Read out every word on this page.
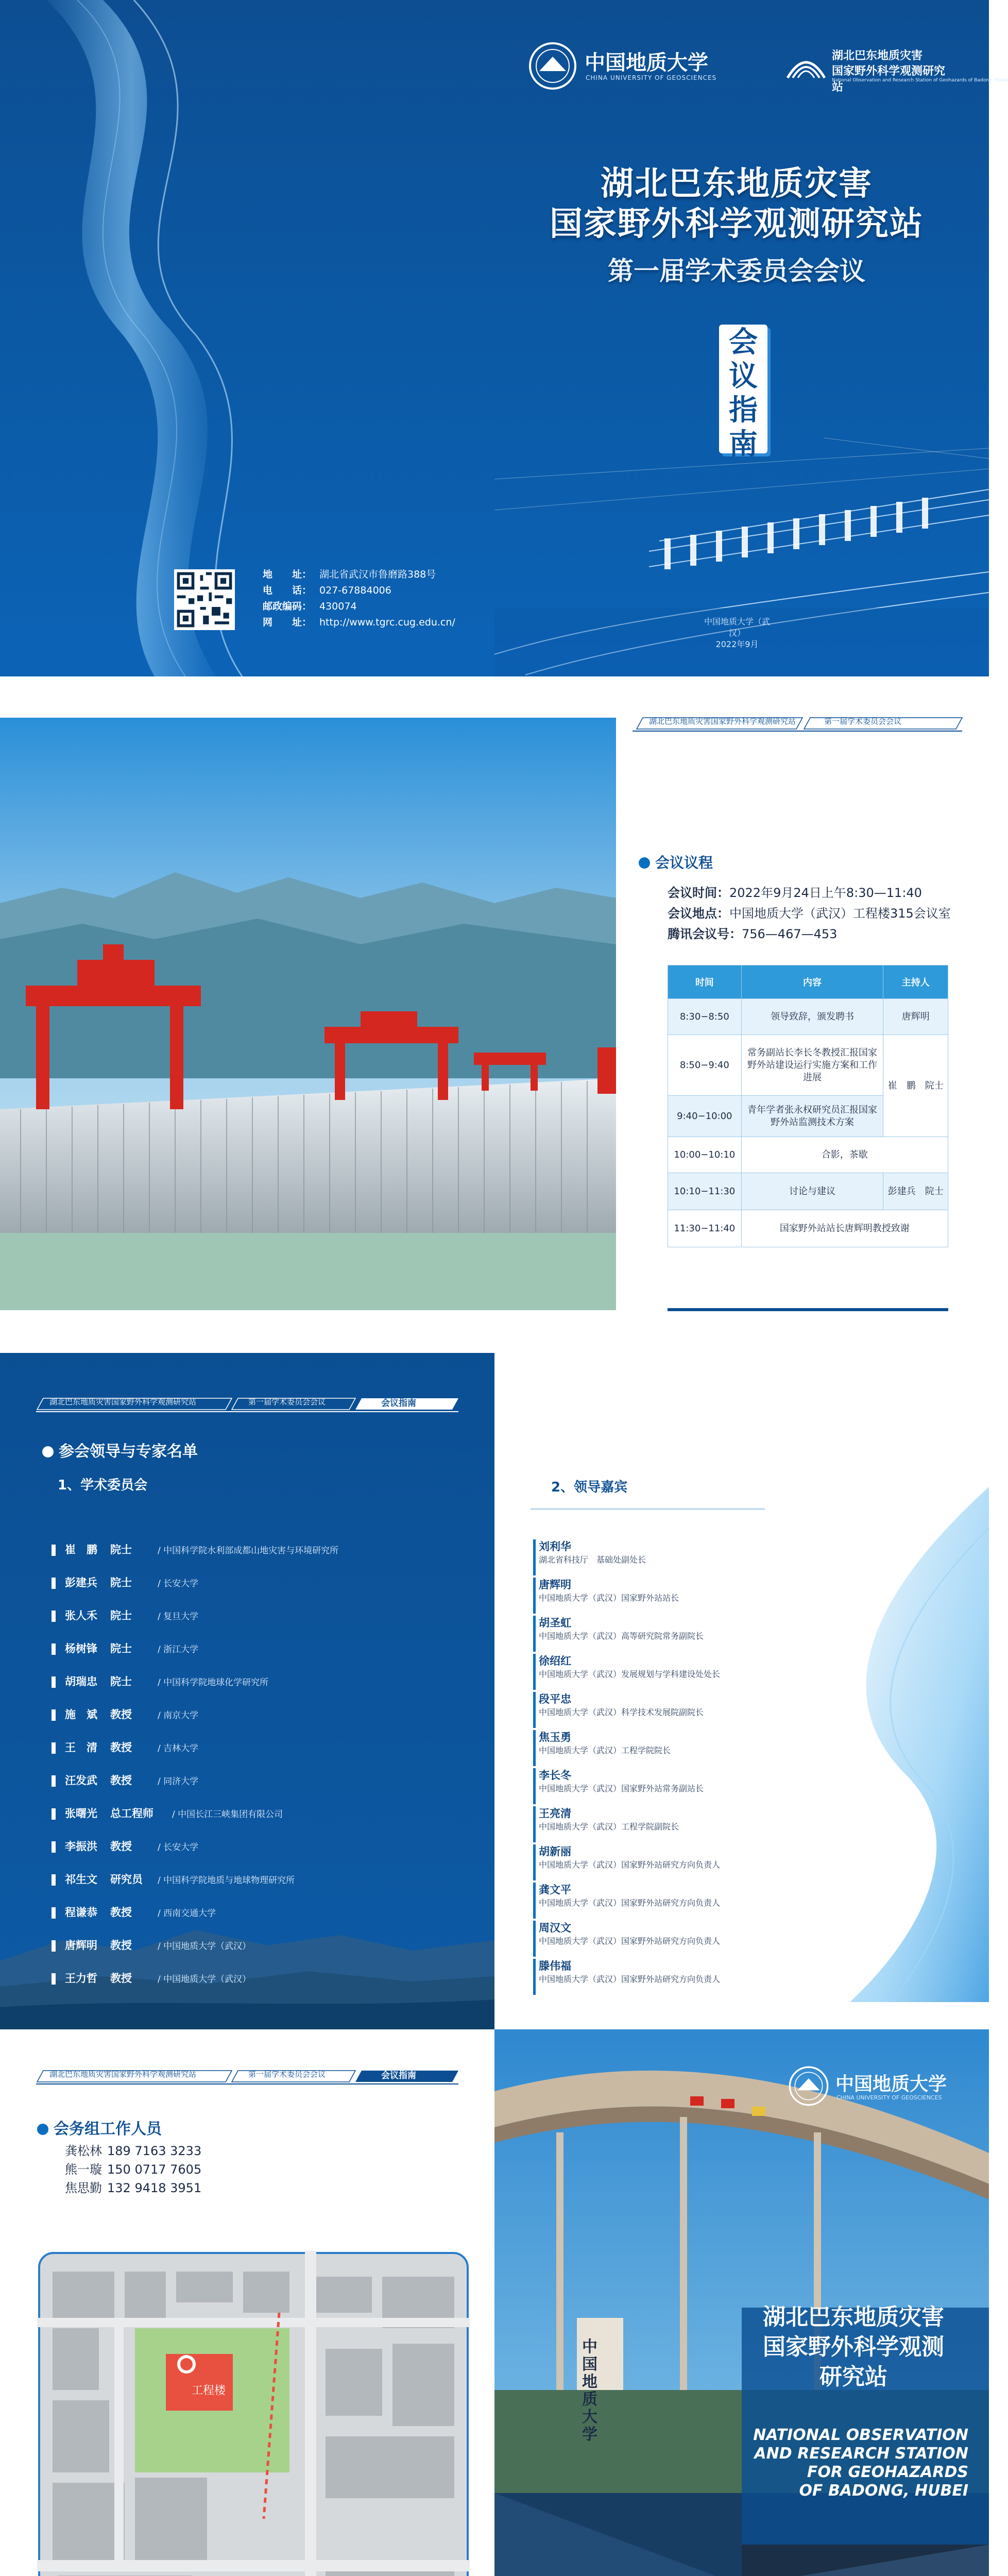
中国地质大学
CHINA UNIVERSITY OF GEOSCIENCES
湖北巴东地质灾害
国家野外科学观测研究站
National Observation and Research Station of Geohazards of Badong, Hubei
湖北巴东地质灾害
国家野外科学观测研究站
第一届学术委员会会议
会
议
指
南
中国地质大学（武汉）
2022年9月
地　　址： 湖北省武汉市鲁磨路388号
电　　话： 027-67884006
邮政编码： 430074
网　　址： http://www.tgrc.cug.edu.cn/
湖北巴东地质灾害国家野外科学观测研究站	第一届学术委员会会议
会议议程
会议时间：2022年9月24日上午8:30—11:40
会议地点：中国地质大学（武汉）工程楼315会议室
腾讯会议号：756—467—453
时间	内容	主持人
8:30−8:50	领导致辞，颁发聘书	唐辉明
8:50−9:40	常务副站长李长冬教授汇报国家野外站建设运行实施方案和工作进展	崔　鹏　院士
9:40−10:00	青年学者张永权研究员汇报国家野外站监测技术方案	
10:00−10:10	合影，茶歇	
10:10−11:30	讨论与建议	彭建兵　院士
11:30−11:40	国家野外站站长唐辉明教授致谢	
湖北巴东地质灾害国家野外科学观测研究站	第一届学术委员会会议	会议指南
参会领导与专家名单
1、学术委员会
崔　鹏 院士	/ 中国科学院水利部成都山地灾害与环境研究所
彭建兵 院士	/ 长安大学
张人禾 院士	/ 复旦大学
杨树锋 院士	/ 浙江大学
胡瑞忠 院士	/ 中国科学院地球化学研究所
施　斌 教授	/ 南京大学
王　清 教授	/ 吉林大学
汪发武 教授	/ 同济大学
张曙光 总工程师 / 中国长江三峡集团有限公司
李振洪 教授	/ 长安大学
祁生文 研究员 / 中国科学院地质与地球物理研究所
程谦恭 教授	/ 西南交通大学
唐辉明 教授	/ 中国地质大学（武汉）
王力哲 教授	/ 中国地质大学（武汉）
2、领导嘉宾
刘利华
湖北省科技厅　基础处副处长
唐辉明
中国地质大学（武汉）国家野外站站长
胡圣虹
中国地质大学（武汉）高等研究院常务副院长
徐绍红
中国地质大学（武汉）发展规划与学科建设处处长
段平忠
中国地质大学（武汉）科学技术发展院副院长
焦玉勇
中国地质大学（武汉）工程学院院长
李长冬
中国地质大学（武汉）国家野外站常务副站长
王亮清
中国地质大学（武汉）工程学院副院长
胡新丽
中国地质大学（武汉）国家野外站研究方向负责人
龚文平
中国地质大学（武汉）国家野外站研究方向负责人
周汉文
中国地质大学（武汉）国家野外站研究方向负责人
滕伟福
中国地质大学（武汉）国家野外站研究方向负责人
湖北巴东地质灾害国家野外科学观测研究站	第一届学术委员会会议	会议指南
会务组工作人员
龚松林 189 7163 3233
熊一璇 150 0717 7605
焦思勤 132 9418 3951
工程楼
中国地质大学
中国地质大学
CHINA UNIVERSITY OF GEOSCIENCES
湖北巴东地质灾害
国家野外科学观测
研究站
NATIONAL OBSERVATION
AND RESEARCH STATION
FOR GEOHAZARDS
OF BADONG, HUBEI
